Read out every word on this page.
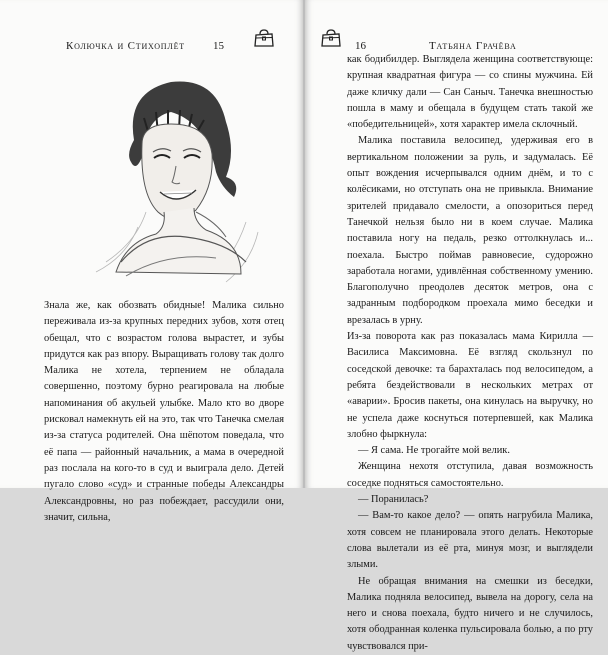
Колючка и Стихоплёт	15

Знала же, как обозвать обидные! Малика сильно переживала из-за крупных передних зубов, хотя отец обещал, что с возрастом голова вырастет, и зубы придутся как раз впору. Выращивать голову так долго Малика не хотела, терпением не обладала совершенно, поэтому бурно реагировала на любые напоминания об акульей улыбке. Мало кто во дворе рисковал намекнуть ей на это, так что Танечка смелая из-за статуса родителей. Она шёпотом поведала, что её папа — районный начальник, а мама в очередной раз послала на кого-то в суд и выиграла дело. Детей пугало слово «суд» и странные победы Александры Александровны, но раз побеждает, рассудили они, значит, сильна,

16	Татьяна Грачёва

как бодибилдер. Выглядела женщина соответствующе: крупная квадратная фигура — со спины мужчина. Ей даже кличку дали — Сан Саныч. Танечка внешностью пошла в маму и обещала в будущем стать такой же «победительницей», хотя характер имела склочный.

Малика поставила велосипед, удерживая его в вертикальном положении за руль, и задумалась. Её опыт вождения исчерпывался одним днём, и то с колёсиками, но отступать она не привыкла. Внимание зрителей придавало смелости, а опозориться перед Танечкой нельзя было ни в коем случае. Малика поставила ногу на педаль, резко оттолкнулась и... поехала. Быстро поймав равновесие, судорожно заработала ногами, удивлённая собственному умению. Благополучно преодолев десяток метров, она с задранным подбородком проехала мимо беседки и врезалась в урну.

Из-за поворота как раз показалась мама Кирилла — Василиса Максимовна. Её взгляд скользнул по соседской девочке: та барахталась под велосипедом, а ребята бездействовали в нескольких метрах от «аварии». Бросив пакеты, она кинулась на выручку, но не успела даже коснуться потерпевшей, как Малика злобно фыркнула:

— Я сама. Не трогайте мой велик.

Женщина нехотя отступила, давая возможность соседке подняться самостоятельно.

— Поранилась?

— Вам-то какое дело? — опять нагрубила Малика, хотя совсем не планировала этого делать. Некоторые слова вылетали из её рта, минуя мозг, и выглядели злыми.

Не обращая внимания на смешки из беседки, Малика подняла велосипед, вывела на дорогу, села на него и снова поехала, будто ничего и не случилось, хотя ободранная коленка пульсировала болью, а по рту чувствовался при-
